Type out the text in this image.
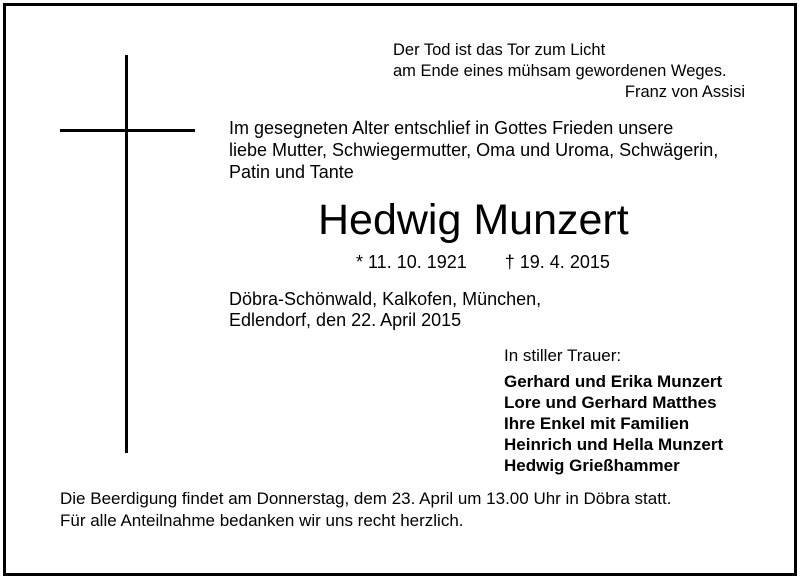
Der Tod ist das Tor zum Licht
am Ende eines mühsam gewordenen Weges.
Franz von Assisi
Im gesegneten Alter entschlief in Gottes Frieden unsere
liebe Mutter, Schwiegermutter, Oma und Uroma, Schwägerin,
Patin und Tante
Hedwig Munzert
* 11. 10. 1921 † 19. 4. 2015
Döbra-Schönwald, Kalkofen, München,
Edlendorf, den 22. April 2015
In stiller Trauer:
Gerhard und Erika Munzert
Lore und Gerhard Matthes
Ihre Enkel mit Familien
Heinrich und Hella Munzert
Hedwig Grießhammer
Die Beerdigung findet am Donnerstag, dem 23. April um 13.00 Uhr in Döbra statt.
Für alle Anteilnahme bedanken wir uns recht herzlich.
